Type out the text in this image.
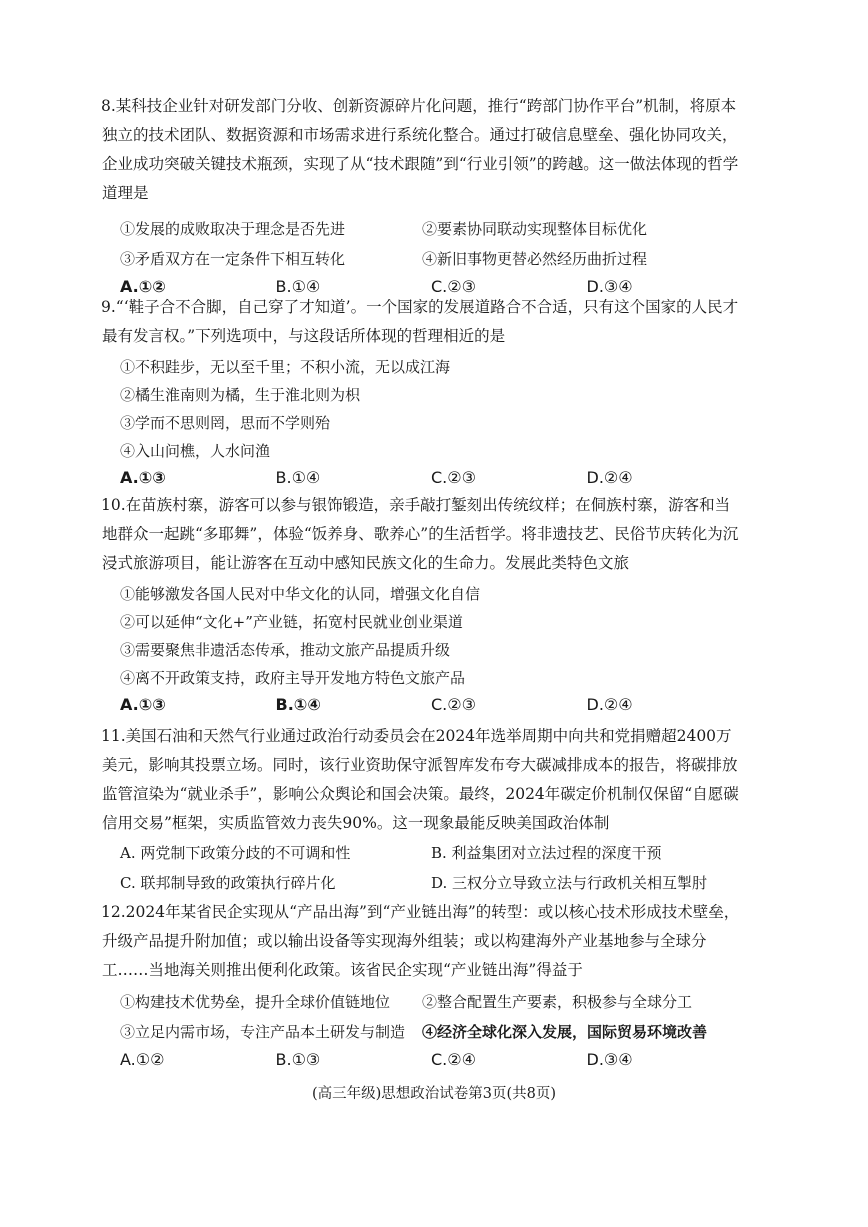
8.某科技企业针对研发部门分收、创新资源碎片化问题，推行“跨部门协作平台”机制，将原本独立的技术团队、数据资源和市场需求进行系统化整合。通过打破信息壁垒、强化协同攻关，企业成功突破关键技术瓶颈，实现了从“技术跟随”到“行业引领”的跨越。这一做法体现的哲学道理是

①发展的成败取决于理念是否先进	②要素协同联动实现整体目标优化
③矛盾双方在一定条件下相互转化	④新旧事物更替必然经历曲折过程
A.①②	B.①④	C.②③	D.③④

9.“‘鞋子合不合脚，自己穿了才知道’。一个国家的发展道路合不合适，只有这个国家的人民才最有发言权。”下列选项中，与这段话所体现的哲理相近的是

①不积跬步，无以至千里；不积小流，无以成江海

②橘生淮南则为橘，生于淮北则为枳

③学而不思则罔，思而不学则殆

④入山问樵，人水问渔

A.①③	B.①④	C.②③	D.②④

10.在苗族村寨，游客可以参与银饰锻造，亲手敲打錾刻出传统纹样；在侗族村寨，游客和当地群众一起跳“多耶舞”，体验“饭养身、歌养心”的生活哲学。将非遗技艺、民俗节庆转化为沉浸式旅游项目，能让游客在互动中感知民族文化的生命力。发展此类特色文旅

①能够激发各国人民对中华文化的认同，增强文化自信

②可以延伸“文化+”产业链，拓宽村民就业创业渠道

③需要聚焦非遗活态传承，推动文旅产品提质升级

④离不开政策支持，政府主导开发地方特色文旅产品

A.①③	B.①④	C.②③	D.②④

11.美国石油和天然气行业通过政治行动委员会在2024年选举周期中向共和党捐赠超2400万美元，影响其投票立场。同时，该行业资助保守派智库发布夸大碳减排成本的报告，将碳排放监管渲染为“就业杀手”，影响公众舆论和国会决策。最终，2024年碳定价机制仅保留“自愿碳信用交易”框架，实质监管效力丧失90%。这一现象最能反映美国政治体制

A. 两党制下政策分歧的不可调和性	B. 利益集团对立法过程的深度干预
C. 联邦制导致的政策执行碎片化	D. 三权分立导致立法与行政机关相互掣肘

12.2024年某省民企实现从“产品出海”到“产业链出海”的转型：或以核心技术形成技术壁垒，升级产品提升附加值；或以输出设备等实现海外组装；或以构建海外产业基地参与全球分工……当地海关则推出便利化政策。该省民企实现“产业链出海”得益于

①构建技术优势垒，提升全球价值链地位	②整合配置生产要素，积极参与全球分工
③立足内需市场，专注产品本土研发与制造	④经济全球化深入发展，国际贸易环境改善
A.①②	B.①③	C.②④	D.③④
(高三年级)思想政治试卷第3页(共8页)
